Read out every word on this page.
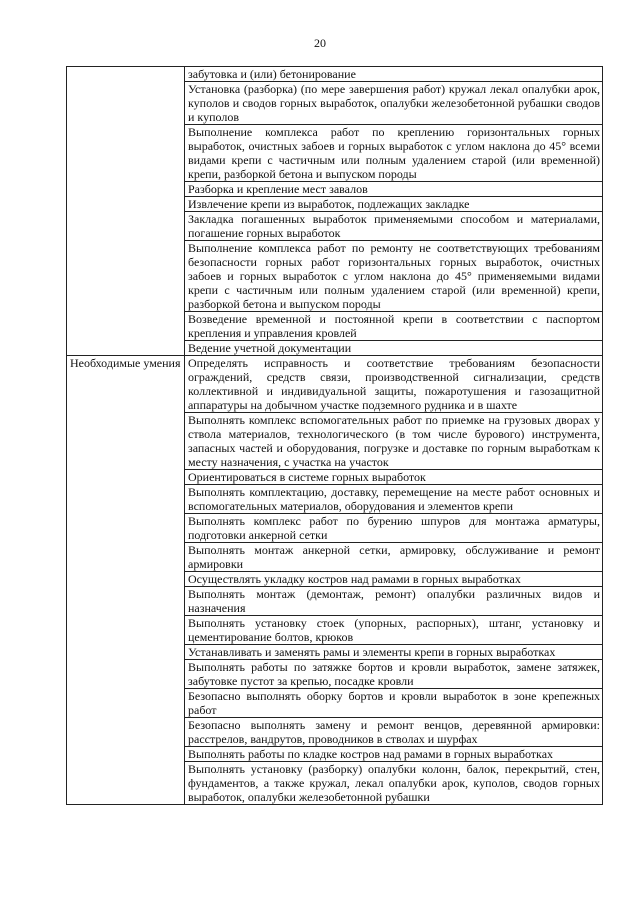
20
	забутовка и (или) бетонирование
	Установка (разборка) (по мере завершения работ) кружал лекал опалубки арок, куполов и сводов горных выработок, опалубки железобетонной рубашки сводов и куполов
	Выполнение комплекса работ по креплению горизонтальных горных выработок, очистных забоев и горных выработок с углом наклона до 45° всеми видами крепи с частичным или полным удалением старой (или временной) крепи, разборкой бетона и выпуском породы
	Разборка и крепление мест завалов
	Извлечение крепи из выработок, подлежащих закладке
	Закладка погашенных выработок применяемыми способом и материалами, погашение горных выработок
	Выполнение комплекса работ по ремонту не соответствующих требованиям безопасности горных работ горизонтальных горных выработок, очистных забоев и горных выработок с углом наклона до 45° применяемыми видами крепи с частичным или полным удалением старой (или временной) крепи, разборкой бетона и выпуском породы
	Возведение временной и постоянной крепи в соответствии с паспортом крепления и управления кровлей
	Ведение учетной документации
Необходимые умения	Определять исправность и соответствие требованиям безопасности ограждений, средств связи, производственной сигнализации, средств коллективной и индивидуальной защиты, пожаротушения и газозащитной аппаратуры на добычном участке подземного рудника и в шахте
	Выполнять комплекс вспомогательных работ по приемке на грузовых дворах у ствола материалов, технологического (в том числе бурового) инструмента, запасных частей и оборудования, погрузке и доставке по горным выработкам к месту назначения, с участка на участок
	Ориентироваться в системе горных выработок
	Выполнять комплектацию, доставку, перемещение на месте работ основных и вспомогательных материалов, оборудования и элементов крепи
	Выполнять комплекс работ по бурению шпуров для монтажа арматуры, подготовки анкерной сетки
	Выполнять монтаж анкерной сетки, армировку, обслуживание и ремонт армировки
	Осуществлять укладку костров над рамами в горных выработках
	Выполнять монтаж (демонтаж, ремонт) опалубки различных видов и назначения
	Выполнять установку стоек (упорных, распорных), штанг, установку и цементирование болтов, крюков
	Устанавливать и заменять рамы и элементы крепи в горных выработках
	Выполнять работы по затяжке бортов и кровли выработок, замене затяжек, забутовке пустот за крепью, посадке кровли
	Безопасно выполнять оборку бортов и кровли выработок в зоне крепежных работ
	Безопасно выполнять замену и ремонт венцов, деревянной армировки: расстрелов, вандрутов, проводников в стволах и шурфах
	Выполнять работы по кладке костров над рамами в горных выработках
	Выполнять установку (разборку) опалубки колонн, балок, перекрытий, стен, фундаментов, а также кружал, лекал опалубки арок, куполов, сводов горных выработок, опалубки железобетонной рубашки
